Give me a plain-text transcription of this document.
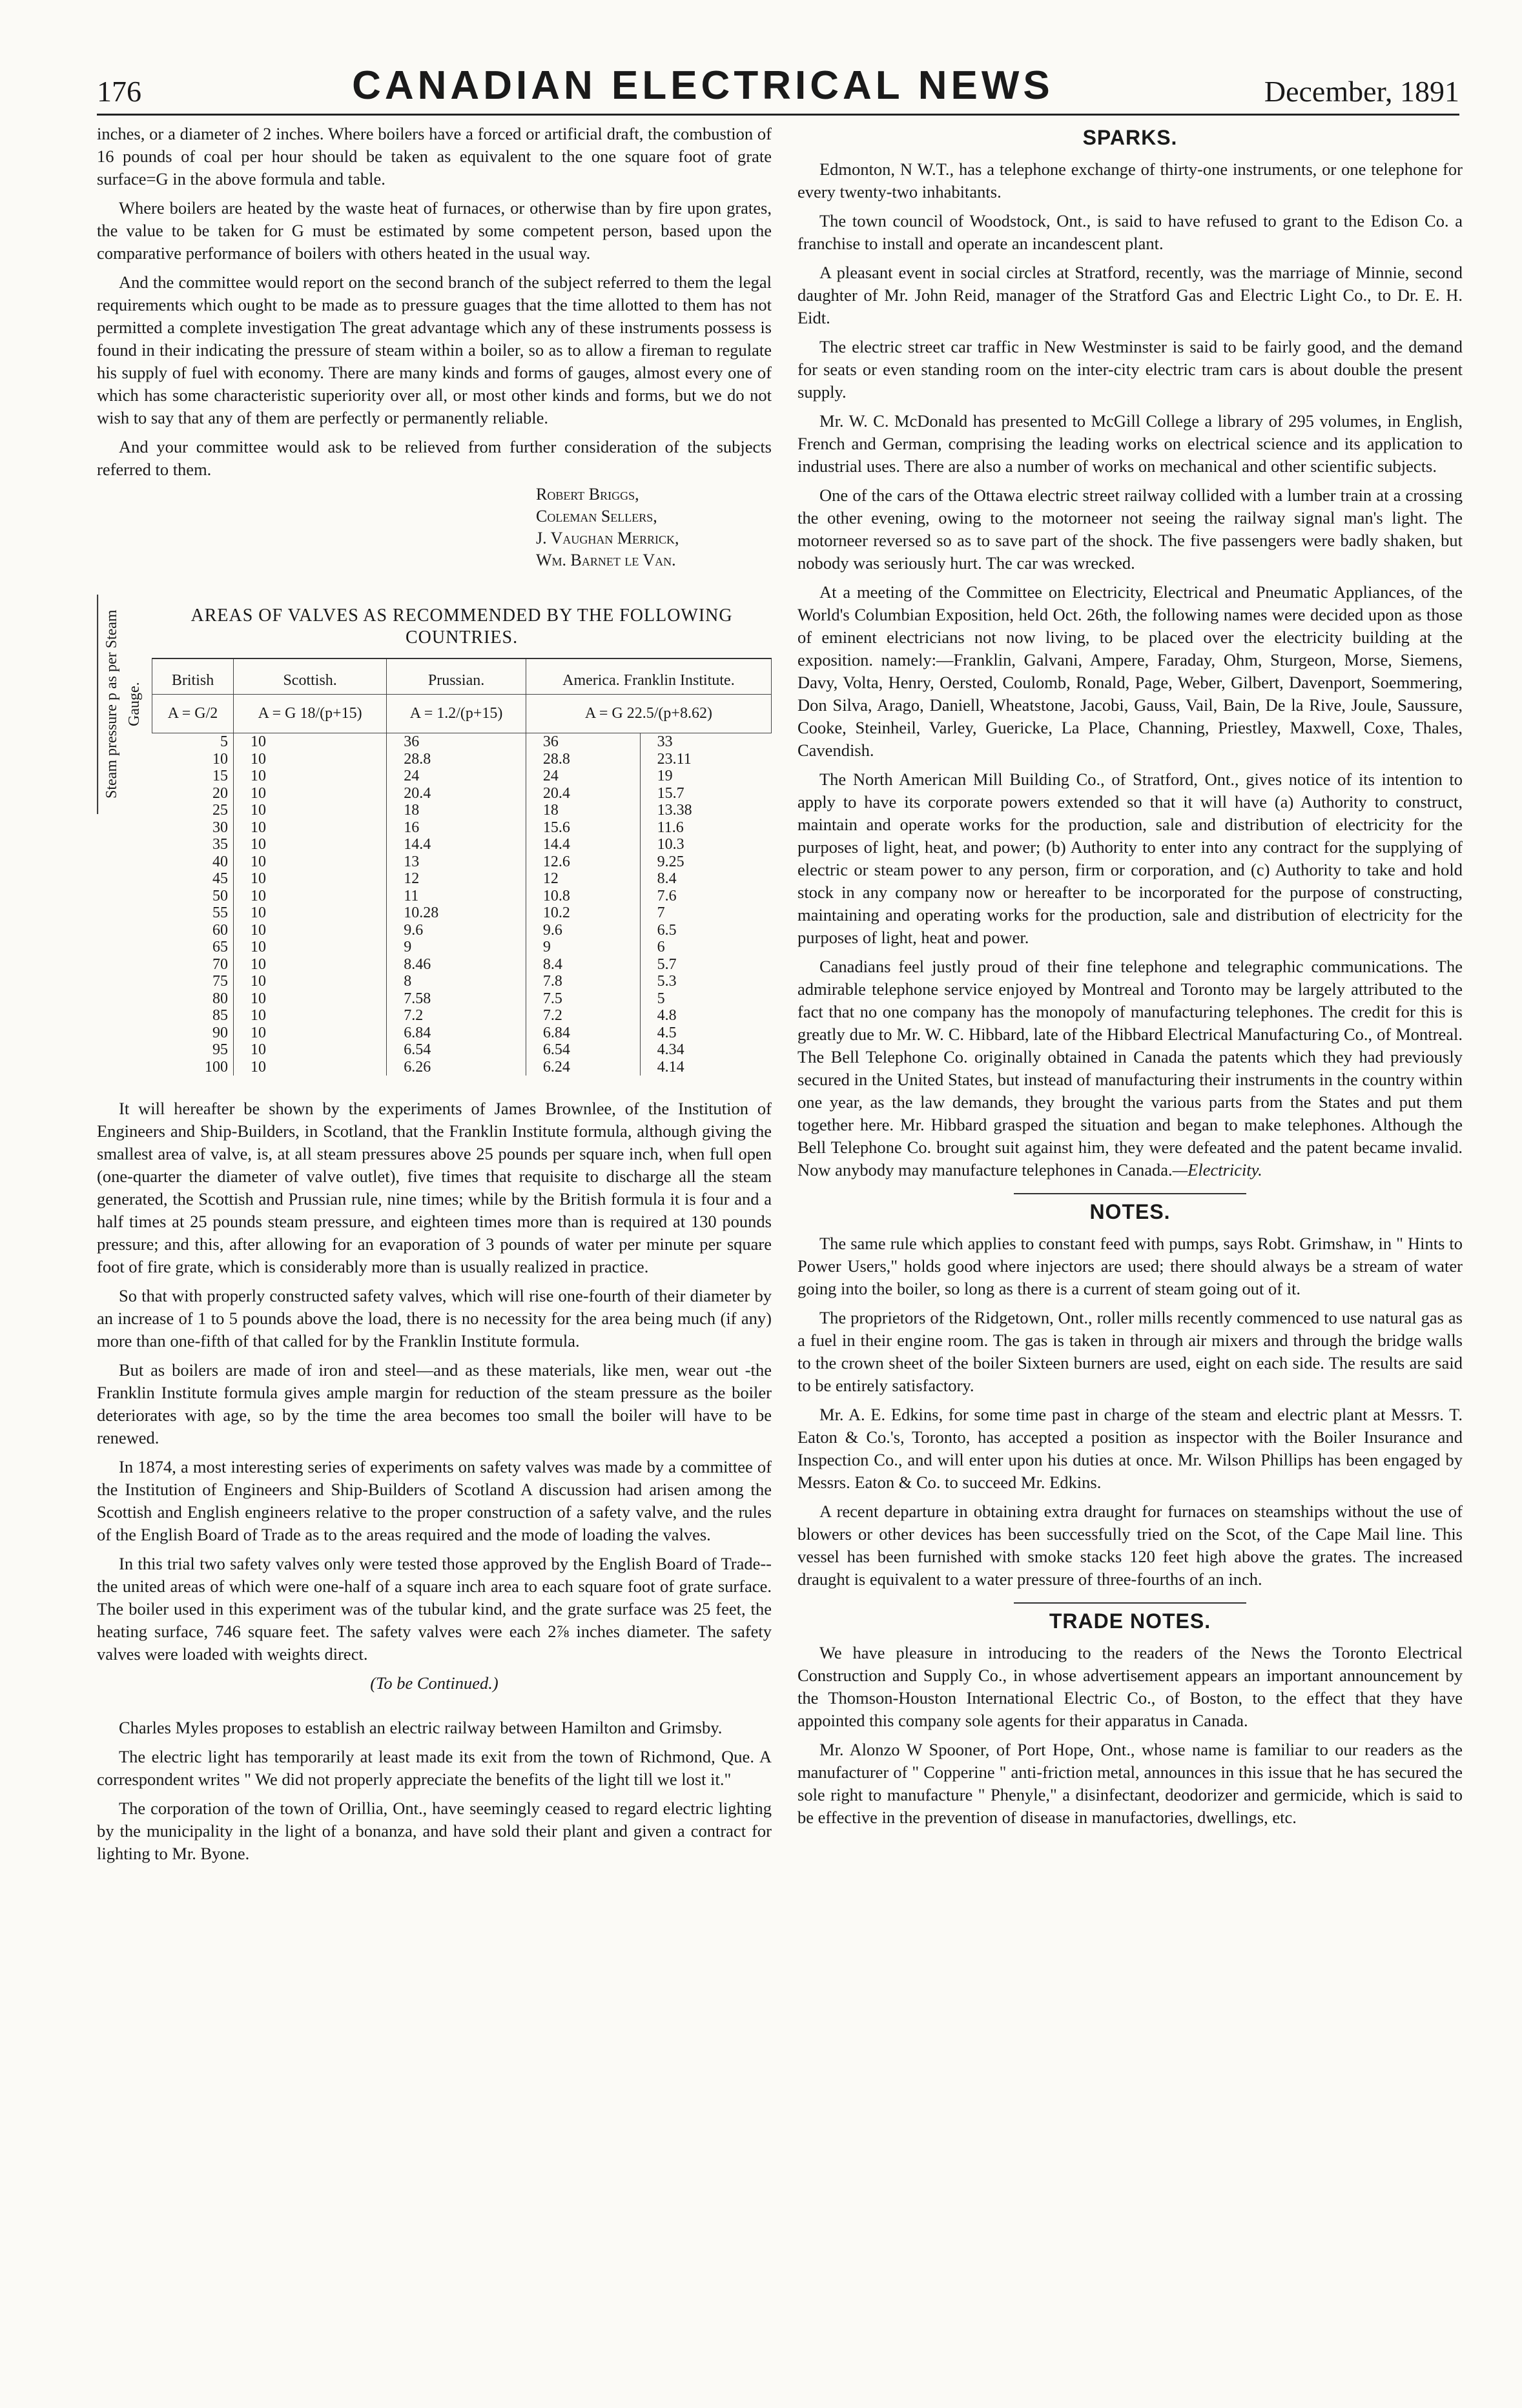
176	CANADIAN ELECTRICAL NEWS	December, 1891

inches, or a diameter of 2 inches. Where boilers have a forced or artificial draft, the combustion of 16 pounds of coal per hour should be taken as equivalent to the one square foot of grate surface=G in the above formula and table.

Where boilers are heated by the waste heat of furnaces, or otherwise than by fire upon grates, the value to be taken for G must be estimated by some competent person, based upon the comparative performance of boilers with others heated in the usual way.

And the committee would report on the second branch of the subject referred to them the legal requirements which ought to be made as to pressure guages that the time allotted to them has not permitted a complete investigation The great advantage which any of these instruments possess is found in their indicating the pressure of steam within a boiler, so as to allow a fireman to regulate his supply of fuel with economy. There are many kinds and forms of gauges, almost every one of which has some characteristic superiority over all, or most other kinds and forms, but we do not wish to say that any of them are perfectly or permanently reliable.

And your committee would ask to be relieved from further consideration of the subjects referred to them.

Robert Briggs,
Coleman Sellers,
J. Vaughan Merrick,
Wm. Barnet le Van.
Steam pressure p as per Steam Gauge.
AREAS OF VALVES AS RECOMMENDED BY THE FOLLOWING COUNTRIES.				
British	Scottish.	Prussian.	America. Franklin Institute.	
A = G/2	A = G 18/(p+15)	A = 1.2/(p+15)	A = G 22.5/(p+8.62)	
5	10	36	36	33
10	10	28.8	28.8	23.11
15	10	24	24	19
20	10	20.4	20.4	15.7
25	10	18	18	13.38
30	10	16	15.6	11.6
35	10	14.4	14.4	10.3
40	10	13	12.6	9.25
45	10	12	12	8.4
50	10	11	10.8	7.6
55	10	10.28	10.2	7
60	10	9.6	9.6	6.5
65	10	9	9	6
70	10	8.46	8.4	5.7
75	10	8	7.8	5.3
80	10	7.58	7.5	5
85	10	7.2	7.2	4.8
90	10	6.84	6.84	4.5
95	10	6.54	6.54	4.34
100	10	6.26	6.24	4.14

It will hereafter be shown by the experiments of James Brownlee, of the Institution of Engineers and Ship-Builders, in Scotland, that the Franklin Institute formula, although giving the smallest area of valve, is, at all steam pressures above 25 pounds per square inch, when full open (one-quarter the diameter of valve outlet), five times that requisite to discharge all the steam generated, the Scottish and Prussian rule, nine times; while by the British formula it is four and a half times at 25 pounds steam pressure, and eighteen times more than is required at 130 pounds pressure; and this, after allowing for an evaporation of 3 pounds of water per minute per square foot of fire grate, which is considerably more than is usually realized in practice.

So that with properly constructed safety valves, which will rise one-fourth of their diameter by an increase of 1 to 5 pounds above the load, there is no necessity for the area being much (if any) more than one-fifth of that called for by the Franklin Institute formula.

But as boilers are made of iron and steel—and as these materials, like men, wear out -the Franklin Institute formula gives ample margin for reduction of the steam pressure as the boiler deteriorates with age, so by the time the area becomes too small the boiler will have to be renewed.

In 1874, a most interesting series of experiments on safety valves was made by a committee of the Institution of Engineers and Ship-Builders of Scotland A discussion had arisen among the Scottish and English engineers relative to the proper construction of a safety valve, and the rules of the English Board of Trade as to the areas required and the mode of loading the valves.

In this trial two safety valves only were tested those approved by the English Board of Trade--the united areas of which were one-half of a square inch area to each square foot of grate surface. The boiler used in this experiment was of the tubular kind, and the grate surface was 25 feet, the heating surface, 746 square feet. The safety valves were each 2⅞ inches diameter. The safety valves were loaded with weights direct.

(To be Continued.)

Charles Myles proposes to establish an electric railway between Hamilton and Grimsby.

The electric light has temporarily at least made its exit from the town of Richmond, Que. A correspondent writes " We did not properly appreciate the benefits of the light till we lost it."

The corporation of the town of Orillia, Ont., have seemingly ceased to regard electric lighting by the municipality in the light of a bonanza, and have sold their plant and given a contract for lighting to Mr. Byone.

SPARKS.

Edmonton, N W.T., has a telephone exchange of thirty-one instruments, or one telephone for every twenty-two inhabitants.

The town council of Woodstock, Ont., is said to have refused to grant to the Edison Co. a franchise to install and operate an incandescent plant.

A pleasant event in social circles at Stratford, recently, was the marriage of Minnie, second daughter of Mr. John Reid, manager of the Stratford Gas and Electric Light Co., to Dr. E. H. Eidt.

The electric street car traffic in New Westminster is said to be fairly good, and the demand for seats or even standing room on the inter-city electric tram cars is about double the present supply.

Mr. W. C. McDonald has presented to McGill College a library of 295 volumes, in English, French and German, comprising the leading works on electrical science and its application to industrial uses. There are also a number of works on mechanical and other scientific subjects.

One of the cars of the Ottawa electric street railway collided with a lumber train at a crossing the other evening, owing to the motorneer not seeing the railway signal man's light. The motorneer reversed so as to save part of the shock. The five passengers were badly shaken, but nobody was seriously hurt. The car was wrecked.

At a meeting of the Committee on Electricity, Electrical and Pneumatic Appliances, of the World's Columbian Exposition, held Oct. 26th, the following names were decided upon as those of eminent electricians not now living, to be placed over the electricity building at the exposition. namely:—Franklin, Galvani, Ampere, Faraday, Ohm, Sturgeon, Morse, Siemens, Davy, Volta, Henry, Oersted, Coulomb, Ronald, Page, Weber, Gilbert, Davenport, Soemmering, Don Silva, Arago, Daniell, Wheatstone, Jacobi, Gauss, Vail, Bain, De la Rive, Joule, Saussure, Cooke, Steinheil, Varley, Guericke, La Place, Channing, Priestley, Maxwell, Coxe, Thales, Cavendish.

The North American Mill Building Co., of Stratford, Ont., gives notice of its intention to apply to have its corporate powers extended so that it will have (a) Authority to construct, maintain and operate works for the production, sale and distribution of electricity for the purposes of light, heat, and power; (b) Authority to enter into any contract for the supplying of electric or steam power to any person, firm or corporation, and (c) Authority to take and hold stock in any company now or hereafter to be incorporated for the purpose of constructing, maintaining and operating works for the production, sale and distribution of electricity for the purposes of light, heat and power.

Canadians feel justly proud of their fine telephone and telegraphic communications. The admirable telephone service enjoyed by Montreal and Toronto may be largely attributed to the fact that no one company has the monopoly of manufacturing telephones. The credit for this is greatly due to Mr. W. C. Hibbard, late of the Hibbard Electrical Manufacturing Co., of Montreal. The Bell Telephone Co. originally obtained in Canada the patents which they had previously secured in the United States, but instead of manufacturing their instruments in the country within one year, as the law demands, they brought the various parts from the States and put them together here. Mr. Hibbard grasped the situation and began to make telephones. Although the Bell Telephone Co. brought suit against him, they were defeated and the patent became invalid. Now anybody may manufacture telephones in Canada.—Electricity.

NOTES.

The same rule which applies to constant feed with pumps, says Robt. Grimshaw, in " Hints to Power Users," holds good where injectors are used; there should always be a stream of water going into the boiler, so long as there is a current of steam going out of it.

The proprietors of the Ridgetown, Ont., roller mills recently commenced to use natural gas as a fuel in their engine room. The gas is taken in through air mixers and through the bridge walls to the crown sheet of the boiler Sixteen burners are used, eight on each side. The results are said to be entirely satisfactory.

Mr. A. E. Edkins, for some time past in charge of the steam and electric plant at Messrs. T. Eaton & Co.'s, Toronto, has accepted a position as inspector with the Boiler Insurance and Inspection Co., and will enter upon his duties at once. Mr. Wilson Phillips has been engaged by Messrs. Eaton & Co. to succeed Mr. Edkins.

A recent departure in obtaining extra draught for furnaces on steamships without the use of blowers or other devices has been successfully tried on the Scot, of the Cape Mail line. This vessel has been furnished with smoke stacks 120 feet high above the grates. The increased draught is equivalent to a water pressure of three-fourths of an inch.

TRADE NOTES.

We have pleasure in introducing to the readers of the News the Toronto Electrical Construction and Supply Co., in whose advertisement appears an important announcement by the Thomson-Houston International Electric Co., of Boston, to the effect that they have appointed this company sole agents for their apparatus in Canada.

Mr. Alonzo W Spooner, of Port Hope, Ont., whose name is familiar to our readers as the manufacturer of " Copperine " anti-friction metal, announces in this issue that he has secured the sole right to manufacture " Phenyle," a disinfectant, deodorizer and germicide, which is said to be effective in the prevention of disease in manufactories, dwellings, etc.
